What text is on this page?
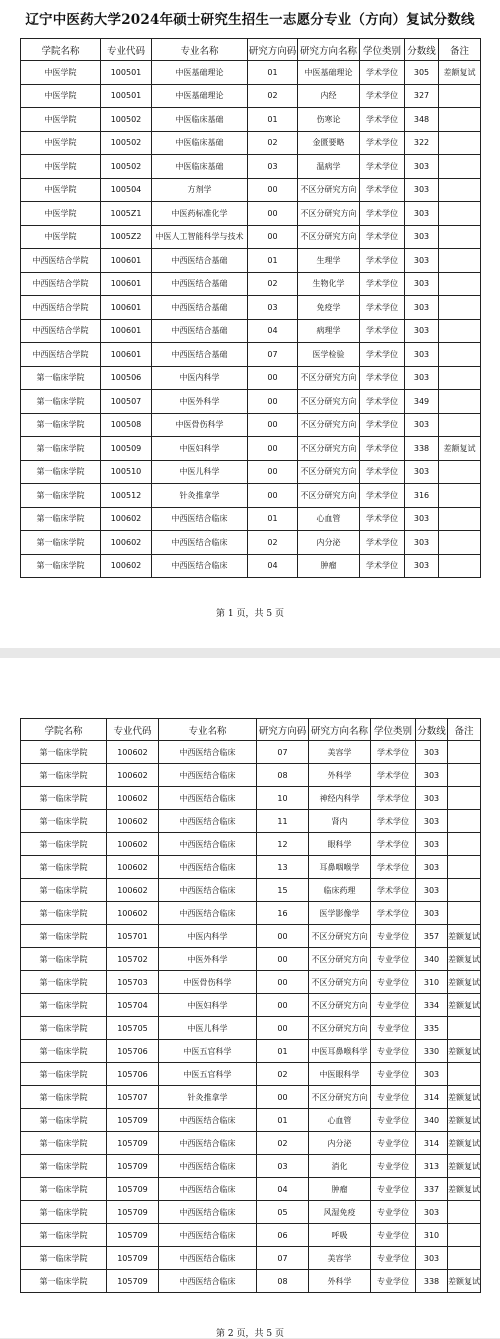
辽宁中医药大学2024年硕士研究生招生一志愿分专业（方向）复试分数线
学院名称	专业代码	专业名称	研究方向码	研究方向名称	学位类别	分数线	备注
中医学院	100501	中医基础理论	01	中医基础理论	学术学位	305	差额复试
中医学院	100501	中医基础理论	02	内经	学术学位	327	
中医学院	100502	中医临床基础	01	伤寒论	学术学位	348	
中医学院	100502	中医临床基础	02	金匮要略	学术学位	322	
中医学院	100502	中医临床基础	03	温病学	学术学位	303	
中医学院	100504	方剂学	00	不区分研究方向	学术学位	303	
中医学院	1005Z1	中医药标准化学	00	不区分研究方向	学术学位	303	
中医学院	1005Z2	中医人工智能科学与技术	00	不区分研究方向	学术学位	303	
中西医结合学院	100601	中西医结合基础	01	生理学	学术学位	303	
中西医结合学院	100601	中西医结合基础	02	生物化学	学术学位	303	
中西医结合学院	100601	中西医结合基础	03	免疫学	学术学位	303	
中西医结合学院	100601	中西医结合基础	04	病理学	学术学位	303	
中西医结合学院	100601	中西医结合基础	07	医学检验	学术学位	303	
第一临床学院	100506	中医内科学	00	不区分研究方向	学术学位	303	
第一临床学院	100507	中医外科学	00	不区分研究方向	学术学位	349	
第一临床学院	100508	中医骨伤科学	00	不区分研究方向	学术学位	303	
第一临床学院	100509	中医妇科学	00	不区分研究方向	学术学位	338	差额复试
第一临床学院	100510	中医儿科学	00	不区分研究方向	学术学位	303	
第一临床学院	100512	针灸推拿学	00	不区分研究方向	学术学位	316	
第一临床学院	100602	中西医结合临床	01	心血管	学术学位	303	
第一临床学院	100602	中西医结合临床	02	内分泌	学术学位	303	
第一临床学院	100602	中西医结合临床	04	肿瘤	学术学位	303	
第 1 页，共 5 页
学院名称	专业代码	专业名称	研究方向码	研究方向名称	学位类别	分数线	备注
第一临床学院	100602	中西医结合临床	07	美容学	学术学位	303	
第一临床学院	100602	中西医结合临床	08	外科学	学术学位	303	
第一临床学院	100602	中西医结合临床	10	神经内科学	学术学位	303	
第一临床学院	100602	中西医结合临床	11	肾内	学术学位	303	
第一临床学院	100602	中西医结合临床	12	眼科学	学术学位	303	
第一临床学院	100602	中西医结合临床	13	耳鼻咽喉学	学术学位	303	
第一临床学院	100602	中西医结合临床	15	临床药理	学术学位	303	
第一临床学院	100602	中西医结合临床	16	医学影像学	学术学位	303	
第一临床学院	105701	中医内科学	00	不区分研究方向	专业学位	357	差额复试
第一临床学院	105702	中医外科学	00	不区分研究方向	专业学位	340	差额复试
第一临床学院	105703	中医骨伤科学	00	不区分研究方向	专业学位	310	差额复试
第一临床学院	105704	中医妇科学	00	不区分研究方向	专业学位	334	差额复试
第一临床学院	105705	中医儿科学	00	不区分研究方向	专业学位	335	
第一临床学院	105706	中医五官科学	01	中医耳鼻喉科学	专业学位	330	差额复试
第一临床学院	105706	中医五官科学	02	中医眼科学	专业学位	303	
第一临床学院	105707	针灸推拿学	00	不区分研究方向	专业学位	314	差额复试
第一临床学院	105709	中西医结合临床	01	心血管	专业学位	340	差额复试
第一临床学院	105709	中西医结合临床	02	内分泌	专业学位	314	差额复试
第一临床学院	105709	中西医结合临床	03	消化	专业学位	313	差额复试
第一临床学院	105709	中西医结合临床	04	肿瘤	专业学位	337	差额复试
第一临床学院	105709	中西医结合临床	05	风湿免疫	专业学位	303	
第一临床学院	105709	中西医结合临床	06	呼吸	专业学位	310	
第一临床学院	105709	中西医结合临床	07	美容学	专业学位	303	
第一临床学院	105709	中西医结合临床	08	外科学	专业学位	338	差额复试
第 2 页，共 5 页
